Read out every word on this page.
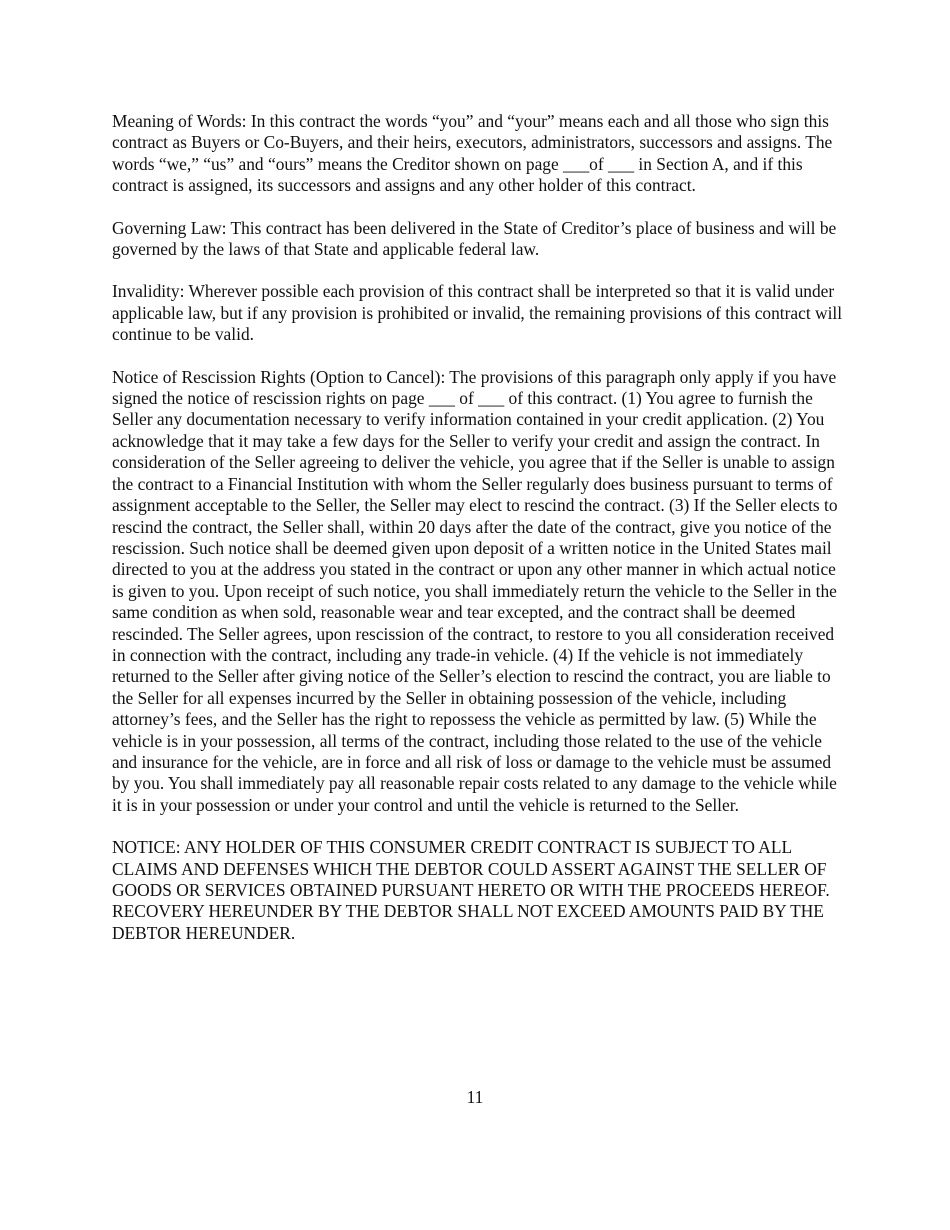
Meaning of Words: In this contract the words “you” and “your” means each and all those who sign this contract as Buyers or Co-Buyers, and their heirs, executors, administrators, successors and assigns. The words “we,” “us” and “ours” means the Creditor shown on page ___of ___ in Section A, and if this contract is assigned, its successors and assigns and any other holder of this contract.

Governing Law: This contract has been delivered in the State of Creditor’s place of business and will be governed by the laws of that State and applicable federal law.

Invalidity: Wherever possible each provision of this contract shall be interpreted so that it is valid under applicable law, but if any provision is prohibited or invalid, the remaining provisions of this contract will continue to be valid.

Notice of Rescission Rights (Option to Cancel): The provisions of this paragraph only apply if you have signed the notice of rescission rights on page ___ of ___ of this contract. (1) You agree to furnish the Seller any documentation necessary to verify information contained in your credit application. (2) You acknowledge that it may take a few days for the Seller to verify your credit and assign the contract. In consideration of the Seller agreeing to deliver the vehicle, you agree that if the Seller is unable to assign the contract to a Financial Institution with whom the Seller regularly does business pursuant to terms of assignment acceptable to the Seller, the Seller may elect to rescind the contract. (3) If the Seller elects to rescind the contract, the Seller shall, within 20 days after the date of the contract, give you notice of the rescission. Such notice shall be deemed given upon deposit of a written notice in the United States mail directed to you at the address you stated in the contract or upon any other manner in which actual notice is given to you. Upon receipt of such notice, you shall immediately return the vehicle to the Seller in the same condition as when sold, reasonable wear and tear excepted, and the contract shall be deemed rescinded. The Seller agrees, upon rescission of the contract, to restore to you all consideration received in connection with the contract, including any trade-in vehicle. (4) If the vehicle is not immediately returned to the Seller after giving notice of the Seller’s election to rescind the contract, you are liable to the Seller for all expenses incurred by the Seller in obtaining possession of the vehicle, including attorney’s fees, and the Seller has the right to repossess the vehicle as permitted by law. (5) While the vehicle is in your possession, all terms of the contract, including those related to the use of the vehicle and insurance for the vehicle, are in force and all risk of loss or damage to the vehicle must be assumed by you. You shall immediately pay all reasonable repair costs related to any damage to the vehicle while it is in your possession or under your control and until the vehicle is returned to the Seller.

NOTICE: ANY HOLDER OF THIS CONSUMER CREDIT CONTRACT IS SUBJECT TO ALL CLAIMS AND DEFENSES WHICH THE DEBTOR COULD ASSERT AGAINST THE SELLER OF GOODS OR SERVICES OBTAINED PURSUANT HERETO OR WITH THE PROCEEDS HEREOF. RECOVERY HEREUNDER BY THE DEBTOR SHALL NOT EXCEED AMOUNTS PAID BY THE DEBTOR HEREUNDER.

11
